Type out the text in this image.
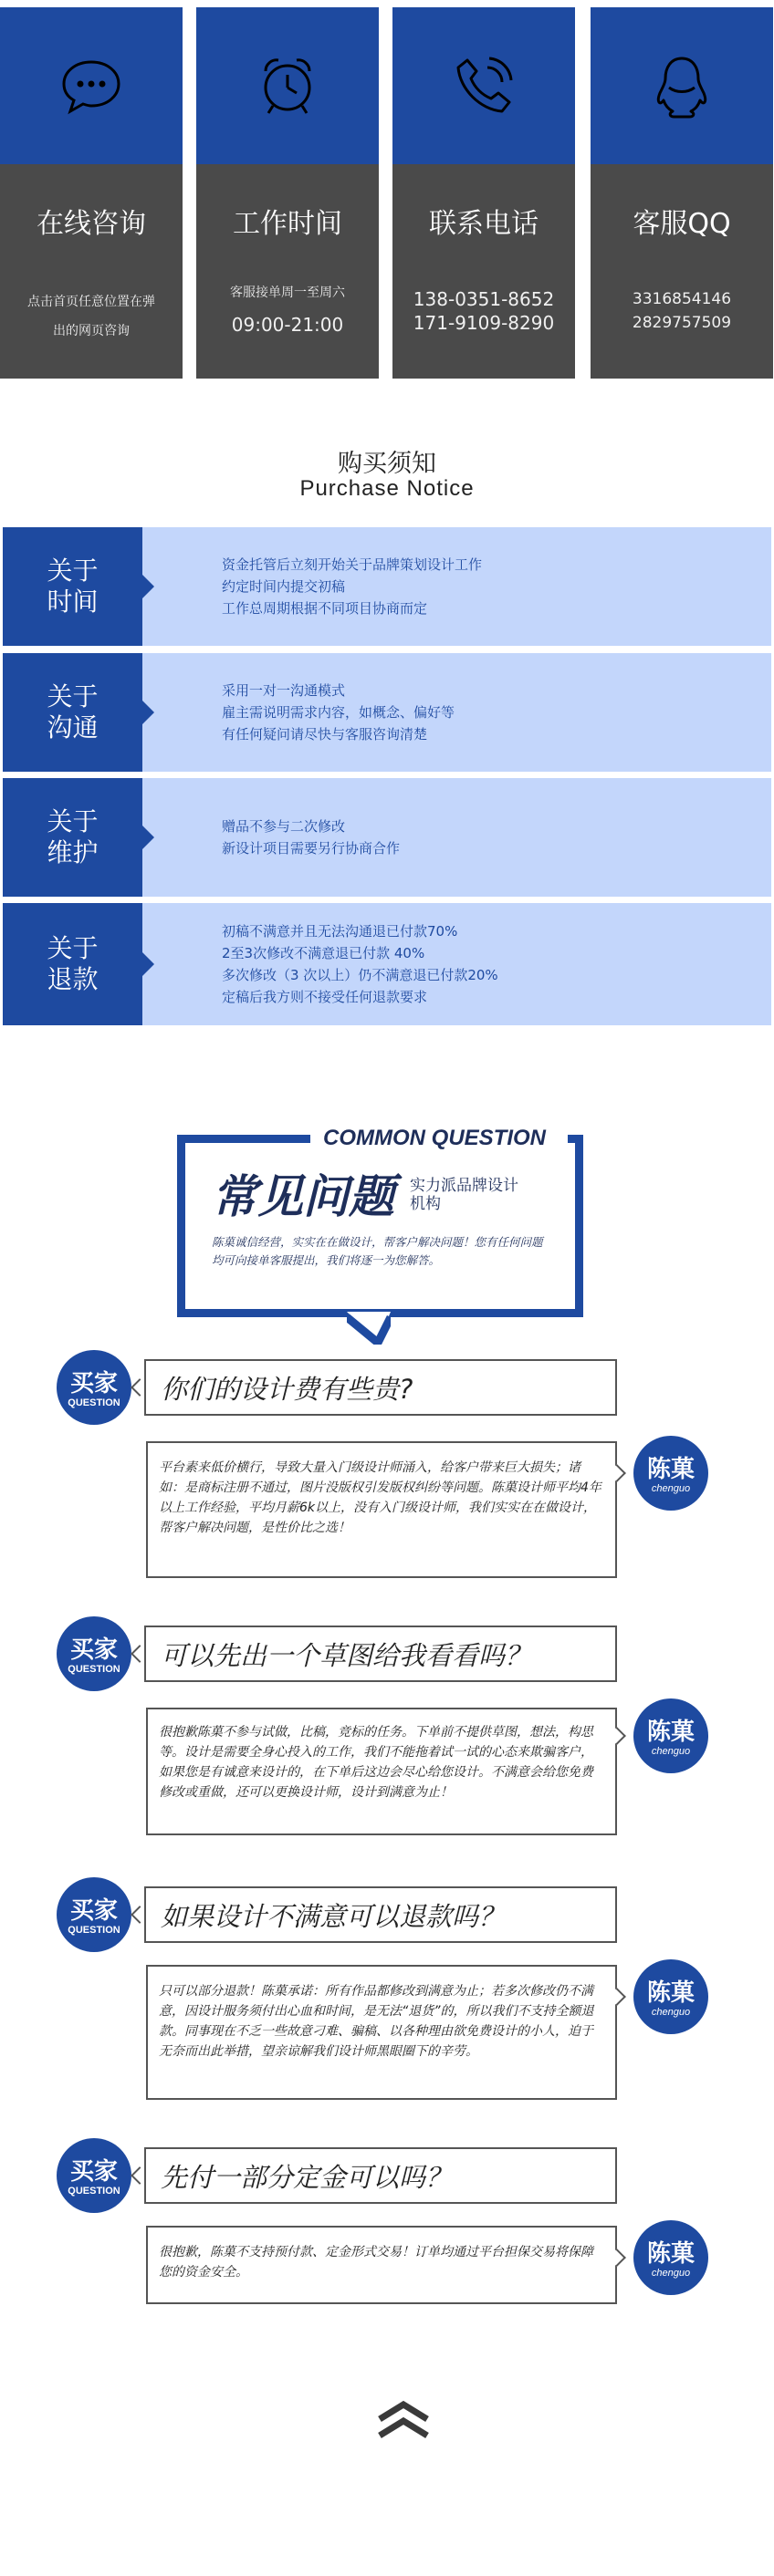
在线咨询
点击首页任意位置在弹
出的网页咨询
工作时间
客服接单周一至周六
09:00-21:00
138-0351-8652
171-9109-8290
联系电话	客服QQ
3316854146
2829757509
购买须知
Purchase Notice
关于时间
资金托管后立刻开始关于品牌策划设计工作
约定时间内提交初稿
工作总周期根据不同项目协商而定
关于沟通
采用一对一沟通模式
雇主需说明需求内容，如概念、偏好等
有任何疑问请尽快与客服咨询清楚
关于维护
赠品不参与二次修改
新设计项目需要另行协商合作
关于退款
初稿不满意并且无法沟通退已付款70%
2至3次修改不满意退已付款 40%
多次修改（3 次以上）仍不满意退已付款20%
定稿后我方则不接受任何退款要求
COMMON QUESTION
常见问题 实力派品牌设计机构
陈菓诚信经营，实实在在做设计，帮客户解决问题！您有任何问题均可向接单客服提出，我们将逐一为您解答。
买家
QUESTION	你们的设计费有些贵?
平台素来低价横行，导致大量入门级设计师涌入，给客户带来巨大损失；诸如：是商标注册不通过，图片没版权引发版权纠纷等问题。陈菓设计师平均4年以上工作经验，平均月薪6k以上，没有入门级设计师，我们实实在在做设计，帮客户解决问题，是性价比之选！
陈菓
chenguo
买家
QUESTION	可以先出一个草图给我看看吗？
很抱歉陈菓不参与试做，比稿，竞标的任务。下单前不提供草图，想法，构思等。设计是需要全身心投入的工作，我们不能拖着试一试的心态来欺骗客户，如果您是有诚意来设计的，在下单后这边会尽心给您设计。不满意会给您免费修改或重做，还可以更换设计师，设计到满意为止！
陈菓
chenguo
买家
QUESTION	如果设计不满意可以退款吗？
只可以部分退款！陈菓承诺：所有作品都修改到满意为止；若多次修改仍不满意，因设计服务须付出心血和时间，是无法“退货”的，所以我们不支持全额退款。同事现在不乏一些故意刁难、骗稿、以各种理由欲免费设计的小人，迫于无奈而出此举措，望亲谅解我们设计师黑眼圈下的辛劳。
陈菓
chenguo
买家
QUESTION	先付一部分定金可以吗？
很抱歉，陈菓不支持预付款、定金形式交易！订单均通过平台担保交易将保障您的资金安全。
陈菓
chenguo
